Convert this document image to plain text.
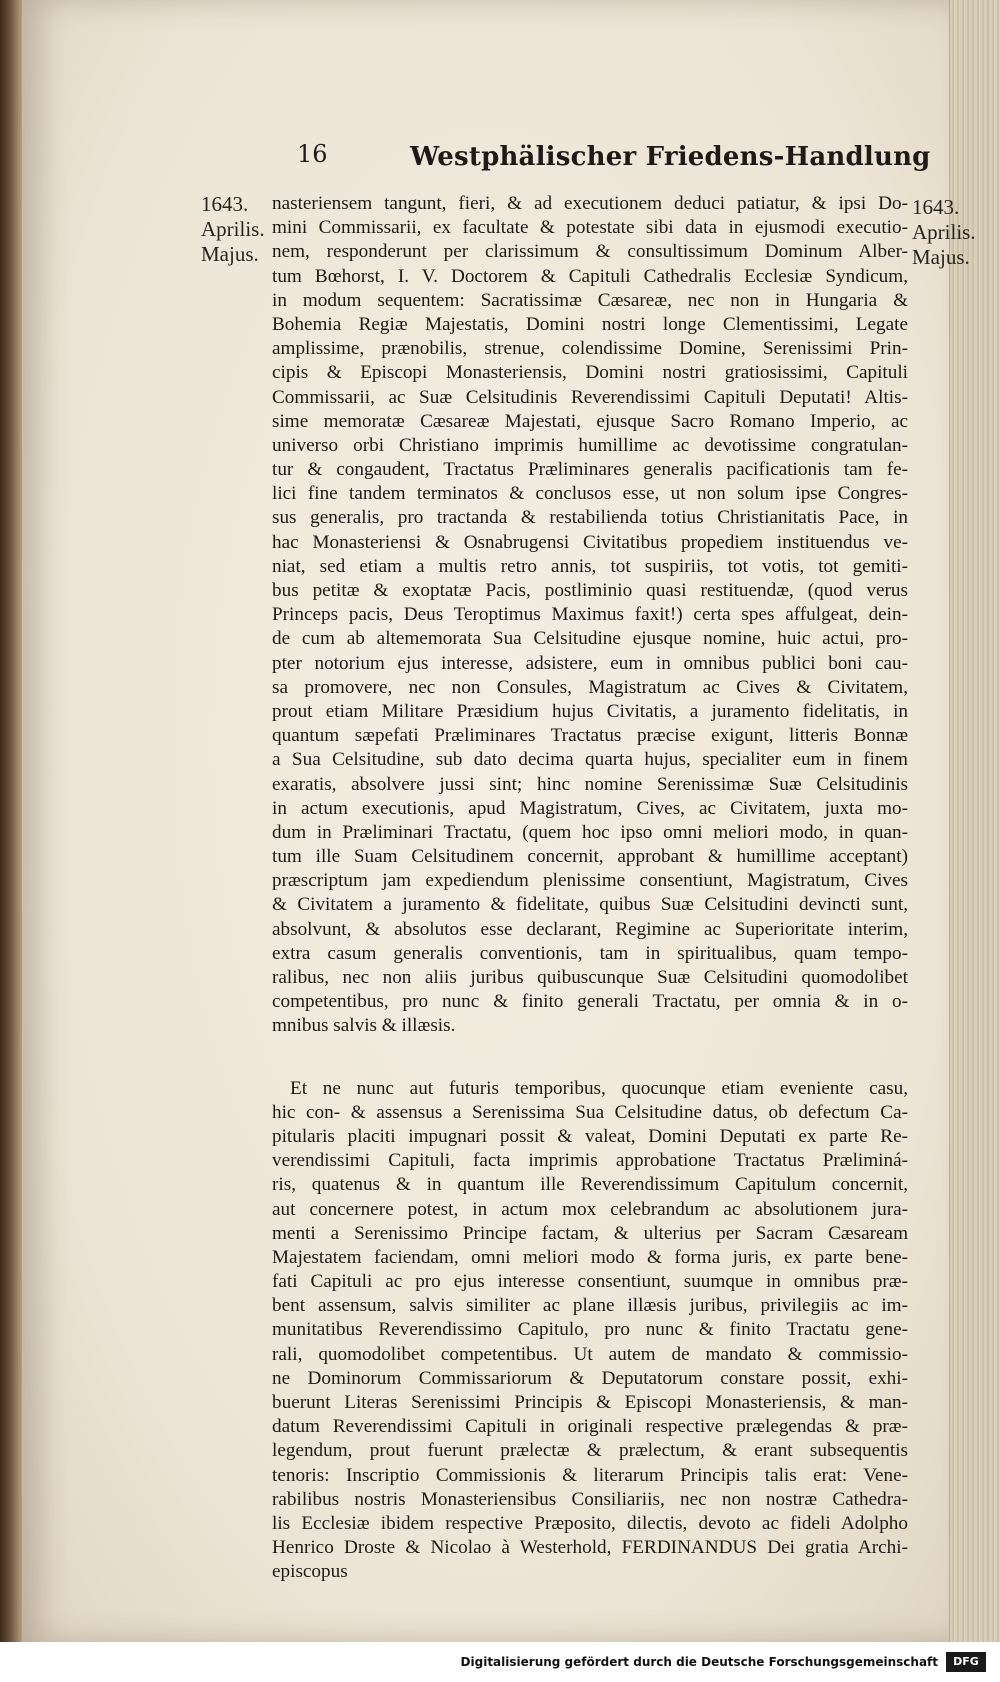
16	Westphälischer Friedens-Handlung
1643.
Aprilis.
Majus.
1643.
Aprilis.
Majus.
nasteriensem tangunt, fieri, & ad executionem deduci patiatur, & ipsi Do-
mini Commissarii, ex facultate & potestate sibi data in ejusmodi executio-
nem, responderunt per clarissimum & consultissimum Dominum Alber-
tum Bœhorst, I. V. Doctorem & Capituli Cathedralis Ecclesiæ Syndicum,
in modum sequentem: Sacratissimæ Cæsareæ, nec non in Hungaria &
Bohemia Regiæ Majestatis, Domini nostri longe Clementissimi, Legate
amplissime, prænobilis, strenue, colendissime Domine, Serenissimi Prin-
cipis & Episcopi Monasteriensis, Domini nostri gratiosissimi, Capituli
Commissarii, ac Suæ Celsitudinis Reverendissimi Capituli Deputati! Altis-
sime memoratæ Cæsareæ Majestati, ejusque Sacro Romano Imperio, ac
universo orbi Christiano imprimis humillime ac devotissime congratulan-
tur & congaudent, Tractatus Præliminares generalis pacificationis tam fe-
lici fine tandem terminatos & conclusos esse, ut non solum ipse Congres-
sus generalis, pro tractanda & restabilienda totius Christianitatis Pace, in
hac Monasteriensi & Osnabrugensi Civitatibus propediem instituendus ve-
niat, sed etiam a multis retro annis, tot suspiriis, tot votis, tot gemiti-
bus petitæ & exoptatæ Pacis, postliminio quasi restituendæ, (quod verus
Princeps pacis, Deus Teroptimus Maximus faxit!) certa spes affulgeat, dein-
de cum ab altememorata Sua Celsitudine ejusque nomine, huic actui, pro-
pter notorium ejus interesse, adsistere, eum in omnibus publici boni cau-
sa promovere, nec non Consules, Magistratum ac Cives & Civitatem,
prout etiam Militare Præsidium hujus Civitatis, a juramento fidelitatis, in
quantum sæpefati Præliminares Tractatus præcise exigunt, litteris Bonnæ
a Sua Celsitudine, sub dato decima quarta hujus, specialiter eum in finem
exaratis, absolvere jussi sint; hinc nomine Serenissimæ Suæ Celsitudinis
in actum executionis, apud Magistratum, Cives, ac Civitatem, juxta mo-
dum in Præliminari Tractatu, (quem hoc ipso omni meliori modo, in quan-
tum ille Suam Celsitudinem concernit, approbant & humillime acceptant)
præscriptum jam expediendum plenissime consentiunt, Magistratum, Cives
& Civitatem a juramento & fidelitate, quibus Suæ Celsitudini devincti sunt,
absolvunt, & absolutos esse declarant, Regimine ac Superioritate interim,
extra casum generalis conventionis, tam in spiritualibus, quam tempo-
ralibus, nec non aliis juribus quibuscunque Suæ Celsitudini quomodolibet
competentibus, pro nunc & finito generali Tractatu, per omnia & in o-
mnibus salvis & illæsis.
Et ne nunc aut futuris temporibus, quocunque etiam eveniente casu,
hic con- & assensus a Serenissima Sua Celsitudine datus, ob defectum Ca-
pitularis placiti impugnari possit & valeat, Domini Deputati ex parte Re-
verendissimi Capituli, facta imprimis approbatione Tractatus Præliminá-
ris, quatenus & in quantum ille Reverendissimum Capitulum concernit,
aut concernere potest, in actum mox celebrandum ac absolutionem jura-
menti a Serenissimo Principe factam, & ulterius per Sacram Cæsaream
Majestatem faciendam, omni meliori modo & forma juris, ex parte bene-
fati Capituli ac pro ejus interesse consentiunt, suumque in omnibus præ-
bent assensum, salvis similiter ac plane illæsis juribus, privilegiis ac im-
munitatibus Reverendissimo Capitulo, pro nunc & finito Tractatu gene-
rali, quomodolibet competentibus. Ut autem de mandato & commissio-
ne Dominorum Commissariorum & Deputatorum constare possit, exhi-
buerunt Literas Serenissimi Principis & Episcopi Monasteriensis, & man-
datum Reverendissimi Capituli in originali respective prælegendas & præ-
legendum, prout fuerunt prælectæ & prælectum, & erant subsequentis
tenoris: Inscriptio Commissionis & literarum Principis talis erat: Vene-
rabilibus nostris Monasteriensibus Consiliariis, nec non nostræ Cathedra-
lis Ecclesiæ ibidem respective Præposito, dilectis, devoto ac fideli Adolpho
Henrico Droste & Nicolao à Westerhold, FERDINANDUS Dei gratia Archi-
episcopus
Digitalisierung gefördert durch die Deutsche Forschungsgemeinschaft	DFG
